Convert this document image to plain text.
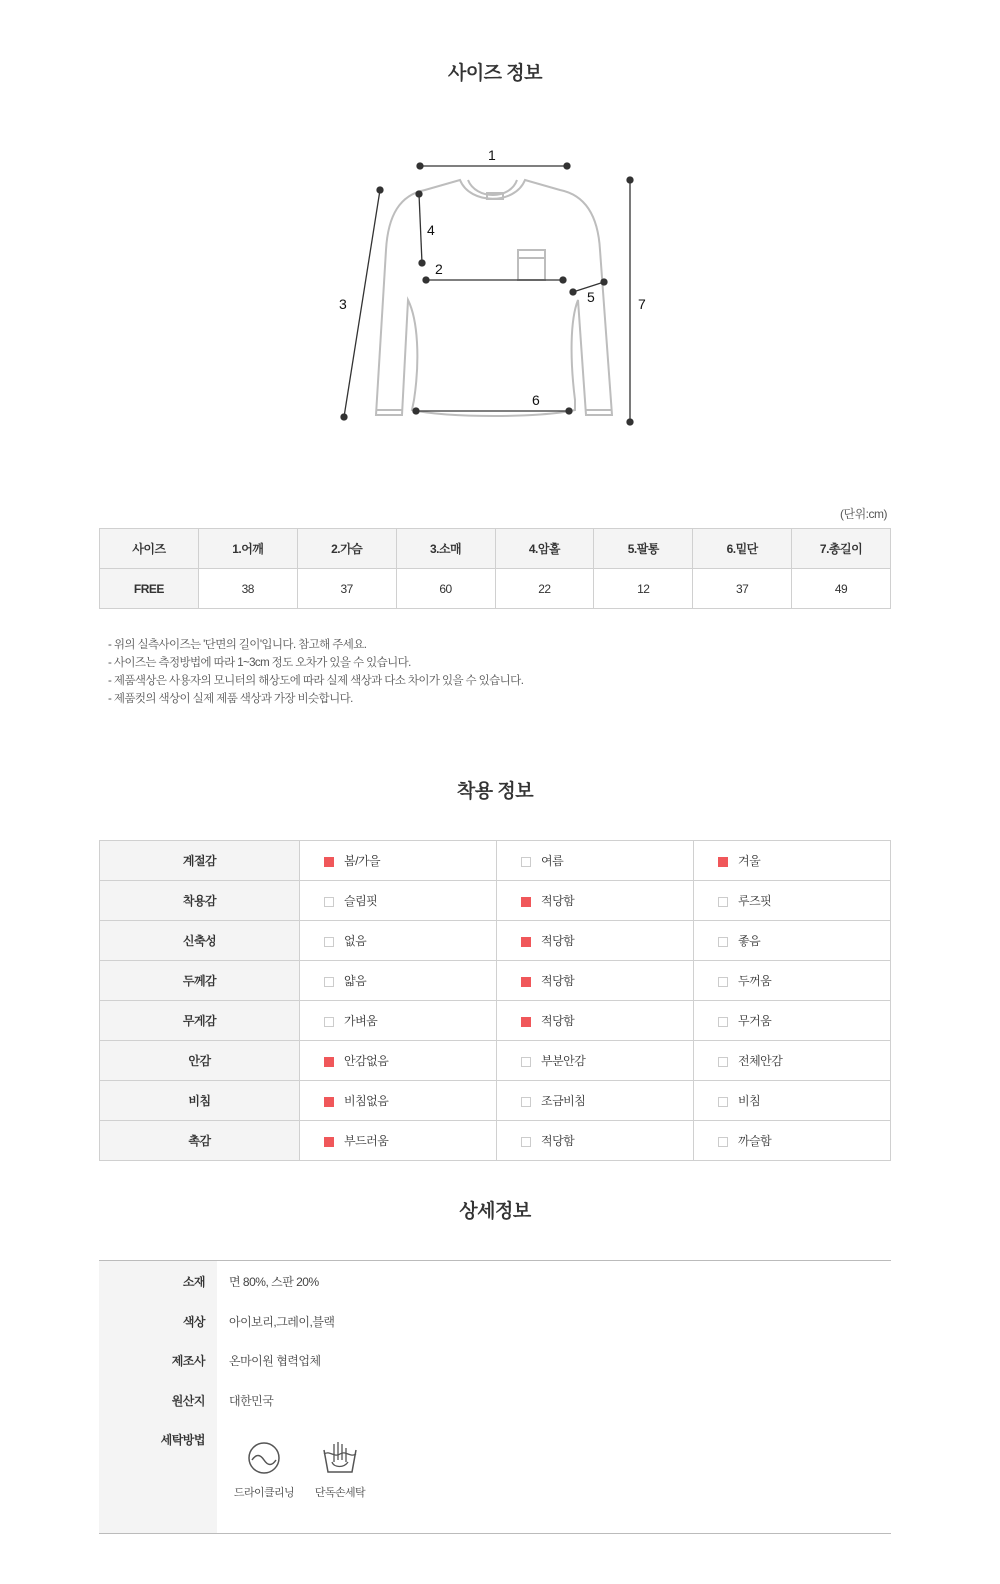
사이즈 정보
1
2
3
4
5
6
7
(단위:cm)
사이즈	1.어깨	2.가슴	3.소매	4.암홀	5.팔통	6.밑단	7.총길이
FREE	38	37	60	22	12	37	49
- 위의 실측사이즈는 '단면의 길이'입니다. 참고해 주세요.
- 사이즈는 측정방법에 따라 1~3cm 정도 오차가 있을 수 있습니다.
- 제품색상은 사용자의 모니터의 해상도에 따라 실제 색상과 다소 차이가 있을 수 있습니다.
- 제품컷의 색상이 실제 제품 색상과 가장 비슷합니다.
착용 정보
계절감	봄/가을	여름	겨울
착용감	슬림핏	적당함	루즈핏
신축성	없음	적당함	좋음
두께감	얇음	적당함	두꺼움
무게감	가벼움	적당함	무거움
안감	안감없음	부분안감	전체안감
비침	비침없음	조금비침	비침
촉감	부드러움	적당함	까슬함
상세정보
소재 면 80%, 스판 20%
색상 아이보리,그레이,블랙
제조사 온마이원 협력업체
원산지 대한민국
세탁방법
드라이클리닝	단독손세탁
